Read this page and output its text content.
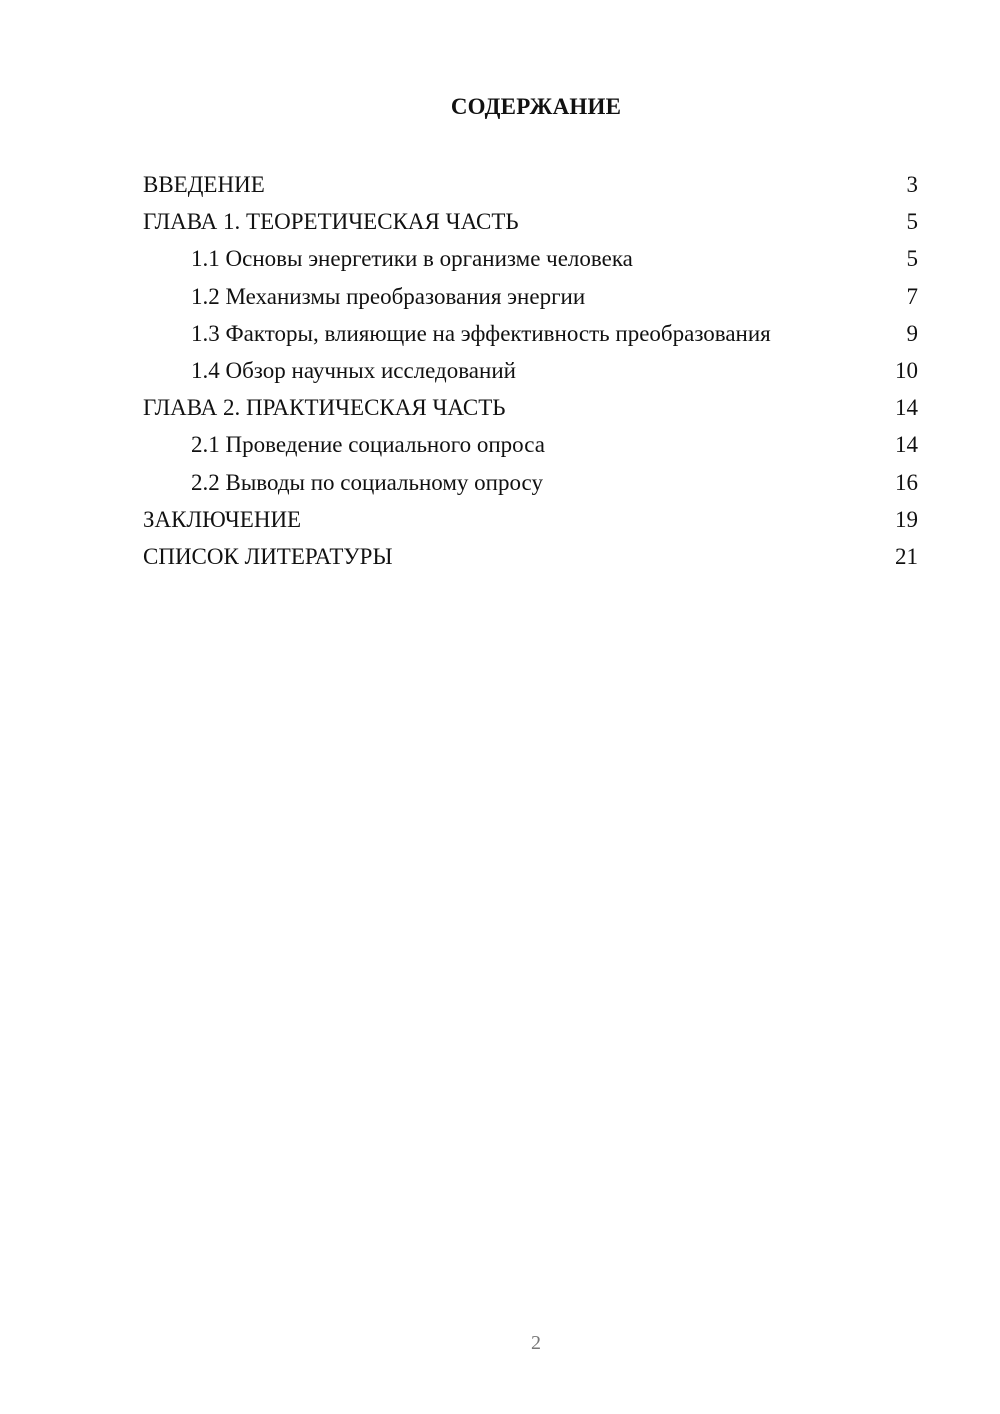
СОДЕРЖАНИЕ
ВВЕДЕНИЕ	3
ГЛАВА 1. ТЕОРЕТИЧЕСКАЯ ЧАСТЬ	5
1.1 Основы энергетики в организме человека	5
1.2 Механизмы преобразования энергии	7
1.3 Факторы, влияющие на эффективность преобразования	9
1.4 Обзор научных исследований	10
ГЛАВА 2. ПРАКТИЧЕСКАЯ ЧАСТЬ	14
2.1 Проведение социального опроса	14
2.2 Выводы по социальному опросу	16
ЗАКЛЮЧЕНИЕ	19
СПИСОК ЛИТЕРАТУРЫ	21
2
